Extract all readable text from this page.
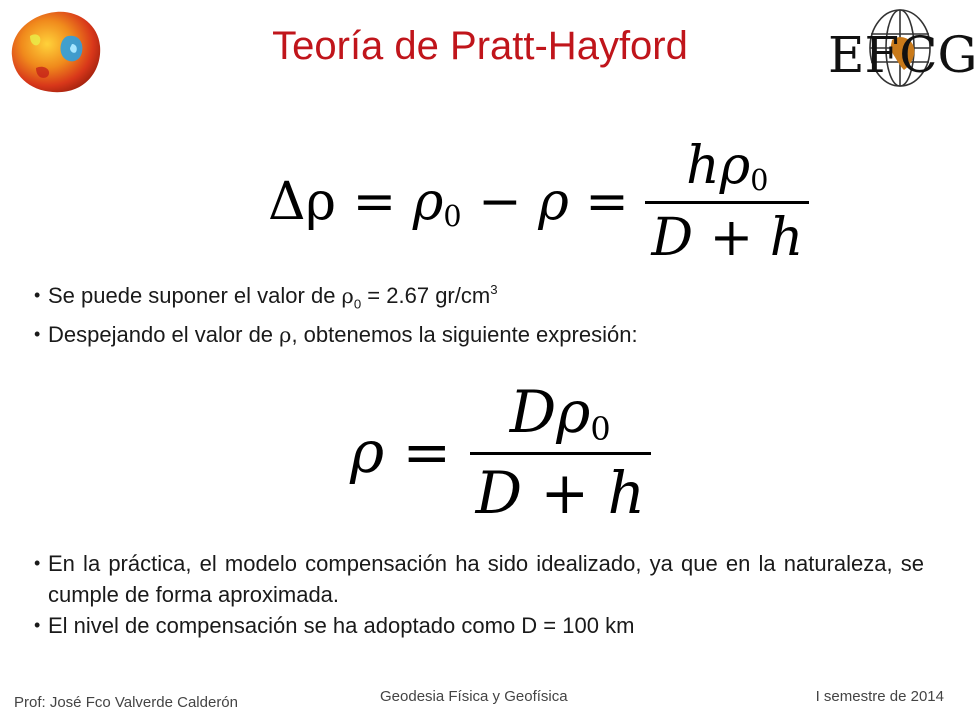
Teoría de Pratt-Hayford	EFCG
$\Delta\rho = \rho_0 - \rho = \frac{h\rho_0}{D + h}$
• Se puede suponer el valor de $\rho_0 = 2.67$ $gr/cm^3$
• Despejando el valor de ρ, obtenemos la siguiente expresión:
$\rho = \frac{D\rho_0}{D + h}$
• En la práctica, el modelo compensación ha sido idealizado, ya que en la naturaleza, se cumple de forma aproximada.
• El nivel de compensación se ha adoptado como D = 100 km
Prof: José Fco Valverde Calderón	Geodesia Física y Geofísica	I semestre de 2014
